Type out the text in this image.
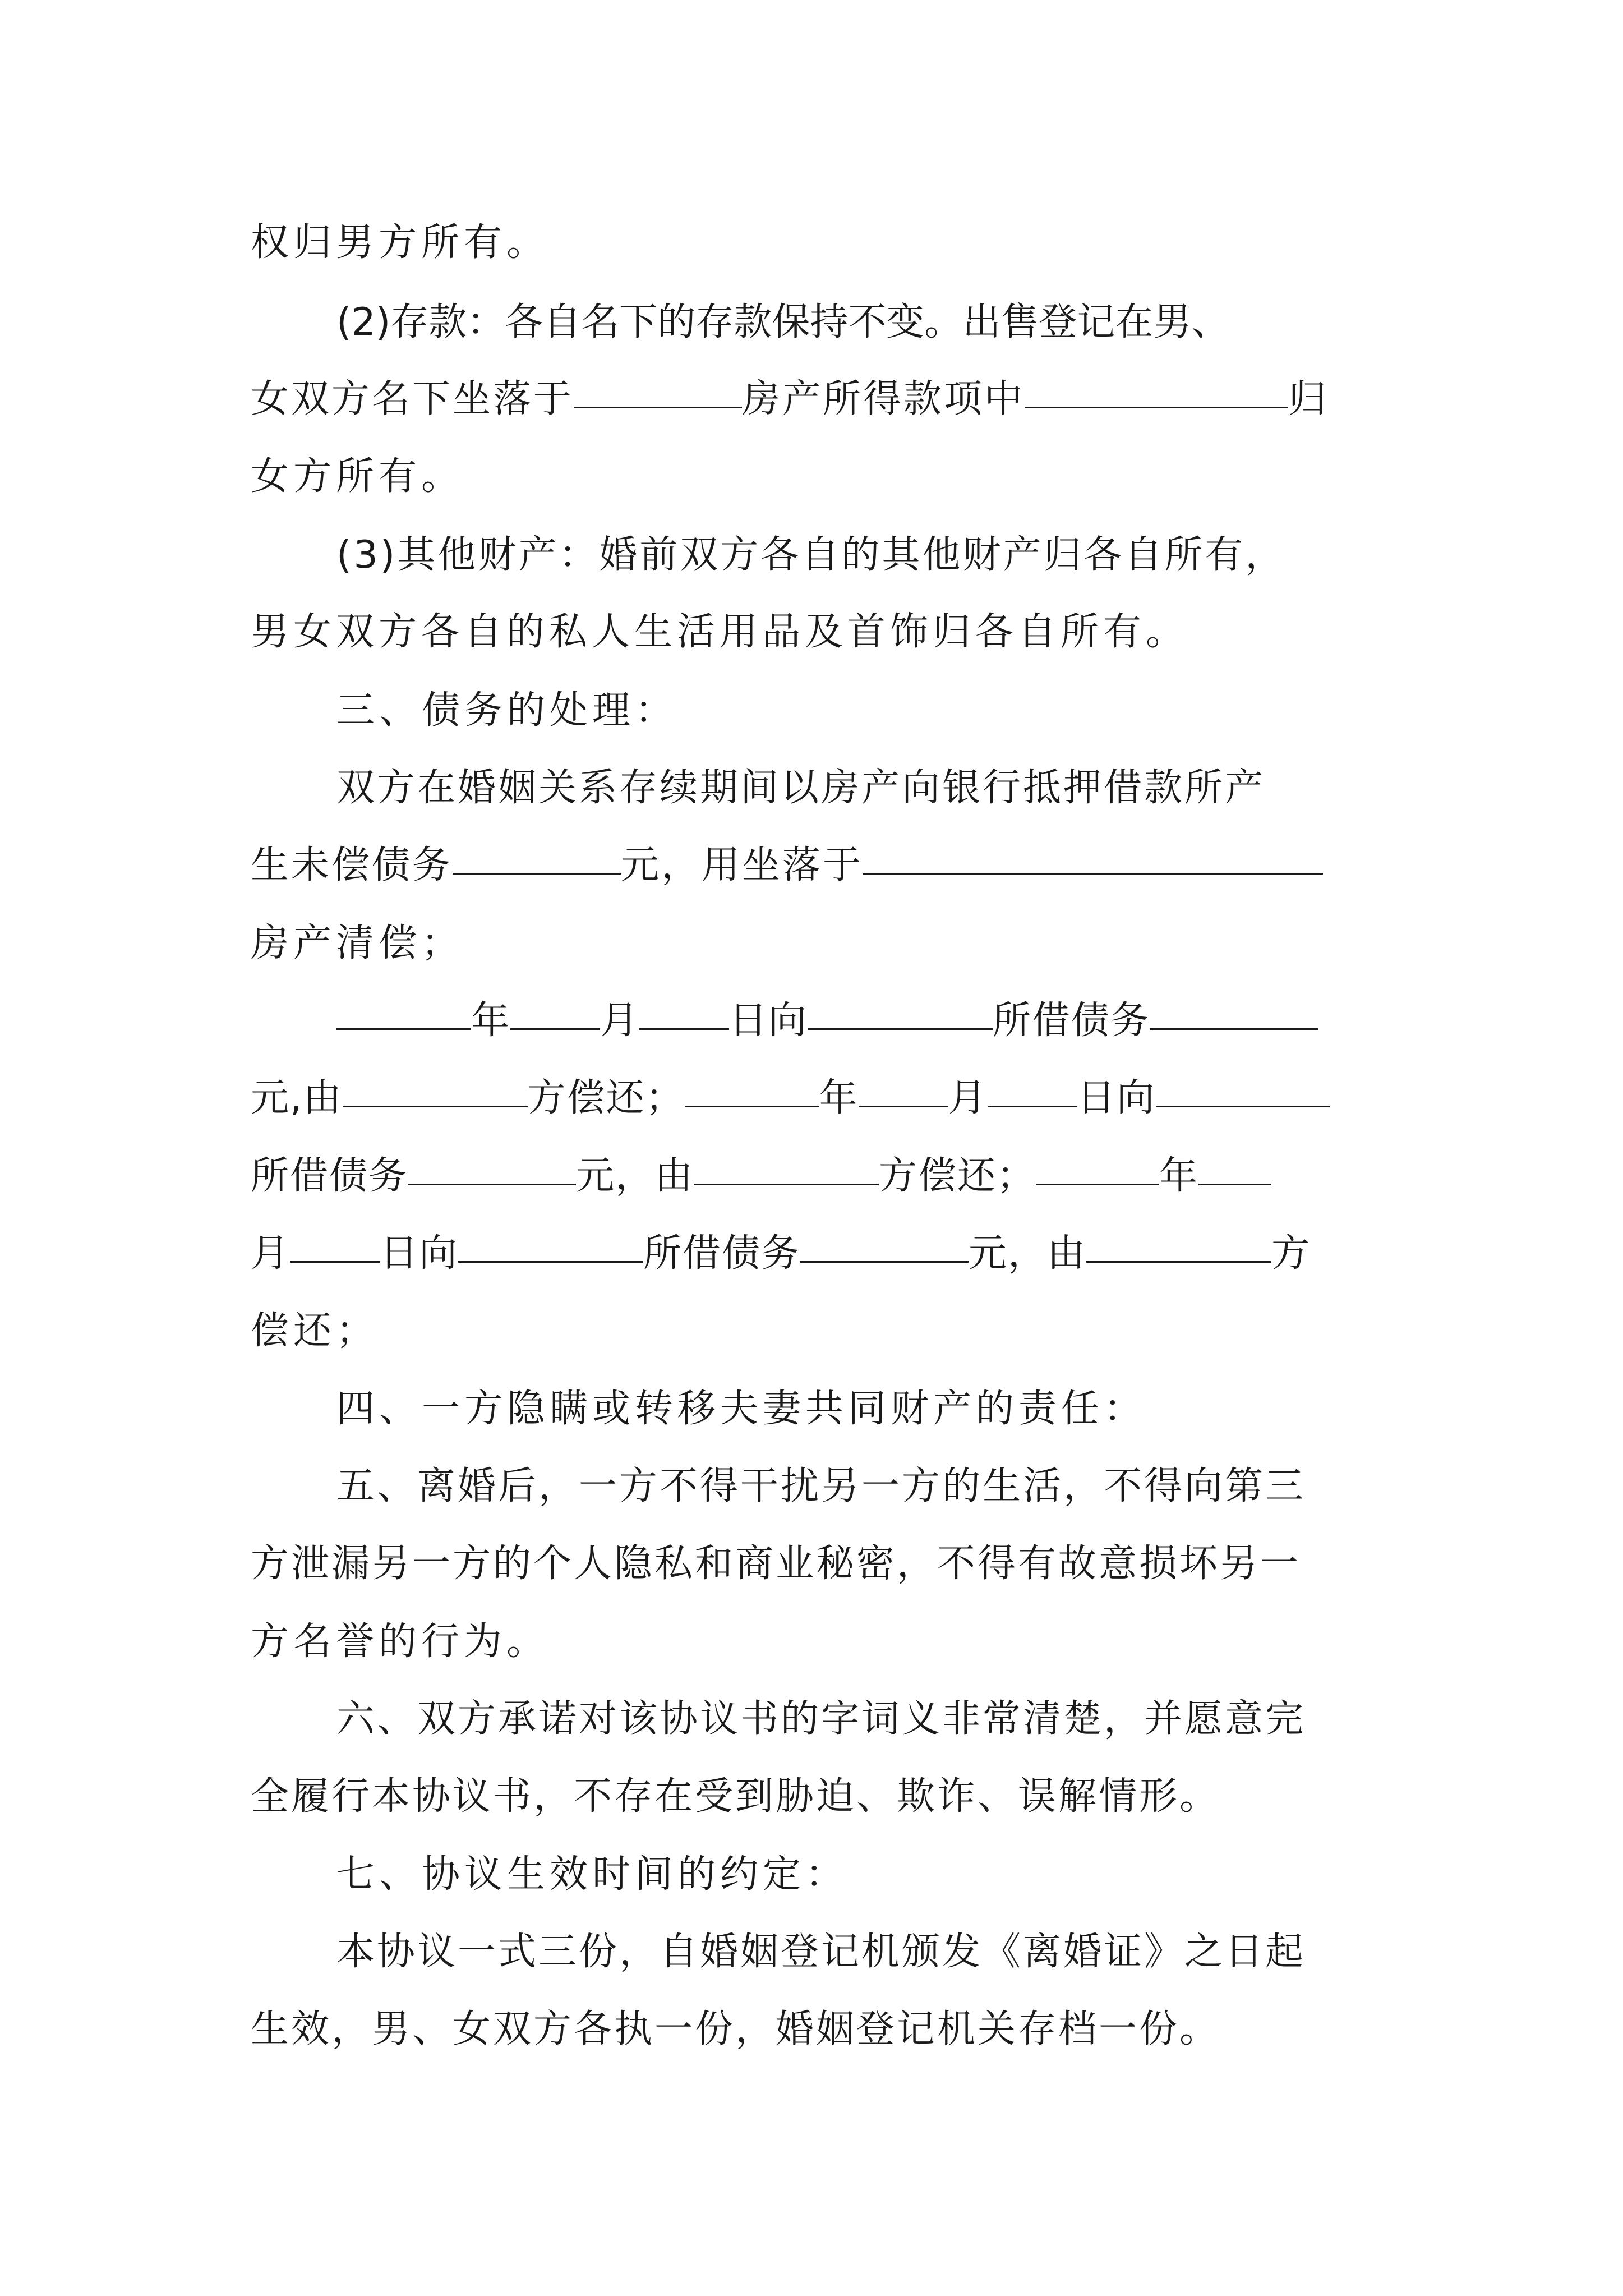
权归男方所有。
(2)存款：各自名下的存款保持不变。出售登记在男、
女双方名下坐落于	房产所得款项中	归
女方所有。
(3)其他财产：婚前双方各自的其他财产归各自所有，
男女双方各自的私人生活用品及首饰归各自所有。
三、债务的处理：
双方在婚姻关系存续期间以房产向银行抵押借款所产
生未偿债务	元，用坐落于
房产清偿；
年 月 日向	所借债务
元,由	方偿还；	年 月 日向
所借债务	元，由	方偿还；	年
月 日向	所借债务	元，由	方
偿还；
四、一方隐瞒或转移夫妻共同财产的责任：
五、离婚后，一方不得干扰另一方的生活，不得向第三
方泄漏另一方的个人隐私和商业秘密，不得有故意损坏另一
方名誉的行为。
六、双方承诺对该协议书的字词义非常清楚，并愿意完
全履行本协议书，不存在受到胁迫、欺诈、误解情形。
七、协议生效时间的约定：
本协议一式三份，自婚姻登记机颁发《离婚证》之日起
生效，男、女双方各执一份，婚姻登记机关存档一份。
